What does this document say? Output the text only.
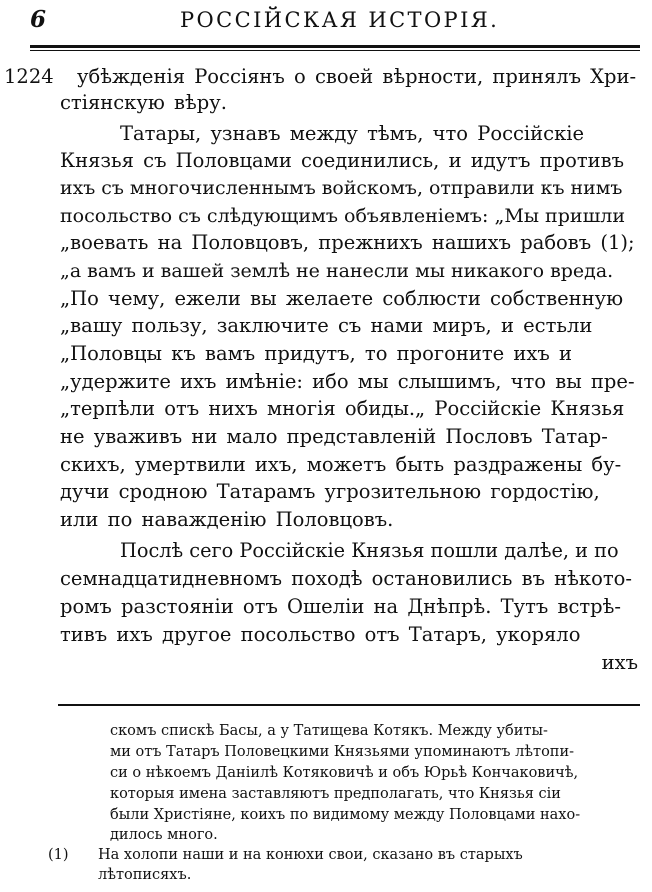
6	РОССІЙСКАЯ ИСТОРІЯ.
1224 убѣжденія Россіянъ о своей вѣрности, принялъ Хри-
стіянскую вѣру.
Татары, узнавъ между тѣмъ, что Россійскіе
Князья съ Половцами соединились, и идутъ противъ
ихъ съ многочисленнымъ войскомъ, отправили къ нимъ
посольство съ слѣдующимъ объявленіемъ: „Мы пришли
„воевать на Половцовъ, прежнихъ нашихъ рабовъ (1);
„а вамъ и вашей землѣ не нанесли мы никакого вреда.
„По чему, ежели вы желаете соблюсти собственную
„вашу пользу, заключите съ нами миръ, и естьли
„Половцы къ вамъ придутъ, то прогоните ихъ и
„удержите ихъ имѣніе: ибо мы слышимъ, что вы пре-
„терпѣли отъ нихъ многія обиды.„ Россійскіе Князья
не уваживъ ни мало представленій Пословъ Татар-
скихъ, умертвили ихъ, можетъ быть раздражены бу-
дучи сродною Татарамъ угрозительною гордостію,
или по наважденію Половцовъ.
Послѣ сего Россійскіе Князья пошли далѣе, и по
семнадцатидневномъ походѣ остановились въ нѣкото-
ромъ разстояніи отъ Ошеліи на Днѣпрѣ. Тутъ встрѣ-
тивъ ихъ другое посольство отъ Татаръ, укоряло
ихъ
скомъ спискѣ Басы, а у Татищева Котякъ. Между убиты-
ми отъ Татаръ Половецкими Князьями упоминаютъ лѣтопи-
си о нѣкоемъ Даніилѣ Котяковичѣ и объ Юрьѣ Кончаковичѣ,
которыя имена заставляютъ предполагать, что Князья сіи
были Христіяне, коихъ по видимому между Половцами нахо-
дилось много.
(1) На холопи наши и на конюхи свои, сказано въ старыхъ
лѣтописяхъ.
